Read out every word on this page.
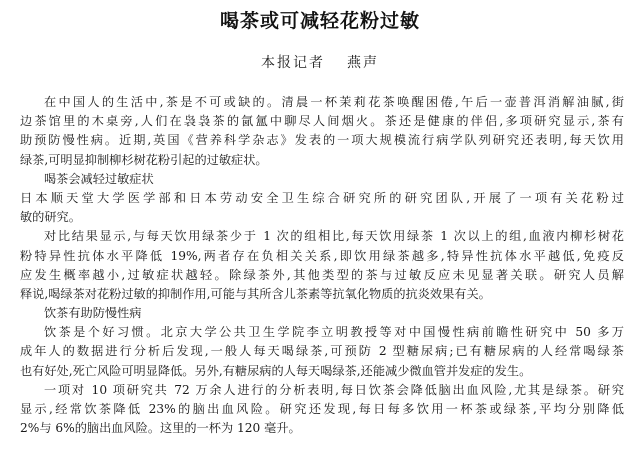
喝茶或可减轻花粉过敏
本报记者 燕声
在中国人的生活中,茶是不可或缺的。清晨一杯茉莉花茶唤醒困倦,午后一壶普洱消解油腻,街
边茶馆里的木桌旁,人们在袅袅茶的氤氲中聊尽人间烟火。茶还是健康的伴侣,多项研究显示,茶有
助预防慢性病。近期,英国《营养科学杂志》发表的一项大规模流行病学队列研究还表明,每天饮用
绿茶,可明显抑制柳杉树花粉引起的过敏症状。
喝茶会减轻过敏症状
日本顺天堂大学医学部和日本劳动安全卫生综合研究所的研究团队,开展了一项有关花粉过
敏的研究。
对比结果显示,与每天饮用绿茶少于 1 次的组相比,每天饮用绿茶 1 次以上的组,血液内柳杉树花
粉特异性抗体水平降低 19%,两者存在负相关关系,即饮用绿茶越多,特异性抗体水平越低,免疫反
应发生概率越小,过敏症状越轻。除绿茶外,其他类型的茶与过敏反应未见显著关联。研究人员解
释说,喝绿茶对花粉过敏的抑制作用,可能与其所含儿茶素等抗氧化物质的抗炎效果有关。
饮茶有助防慢性病
饮茶是个好习惯。北京大学公共卫生学院李立明教授等对中国慢性病前瞻性研究中 50 多万
成年人的数据进行分析后发现,一般人每天喝绿茶,可预防 2 型糖尿病;已有糖尿病的人经常喝绿茶
也有好处,死亡风险可明显降低。另外,有糖尿病的人每天喝绿茶,还能减少微血管并发症的发生。
一项对 10 项研究共 72 万余人进行的分析表明,每日饮茶会降低脑出血风险,尤其是绿茶。研究
显示,经常饮茶降低 23%的脑出血风险。研究还发现,每日每多饮用一杯茶或绿茶,平均分别降低
2%与 6%的脑出血风险。这里的一杯为 120 毫升。
